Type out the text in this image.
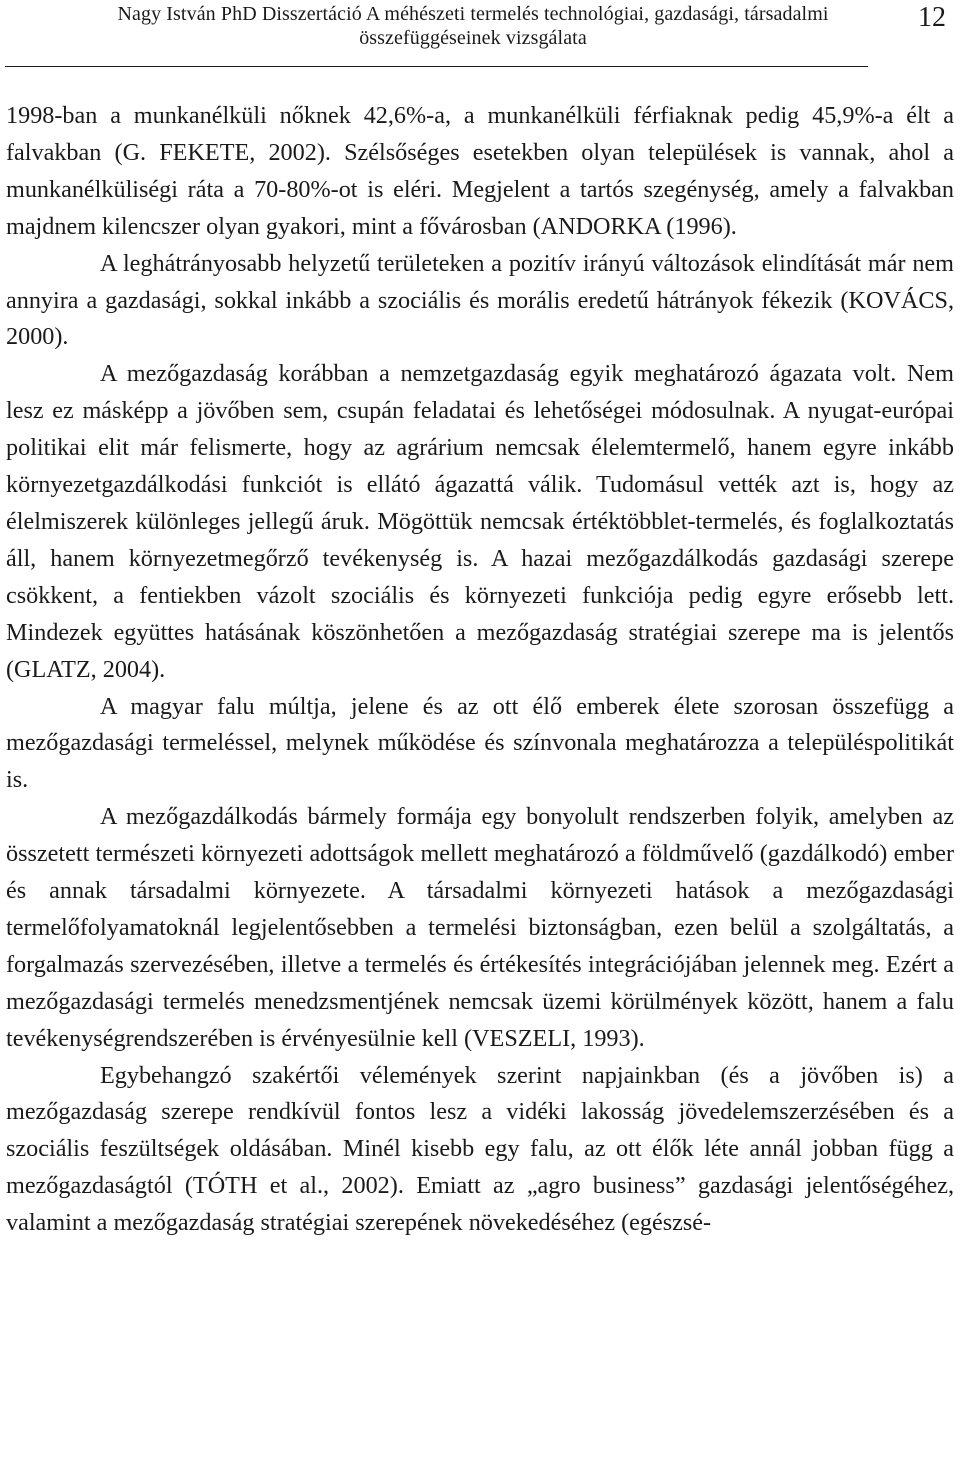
Nagy István PhD Disszertáció A méhészeti termelés technológiai, gazdasági, társadalmi
összefüggéseinek vizsgálata
12

1998-ban a munkanélküli nőknek 42,6%-a, a munkanélküli férfiaknak pedig 45,9%-a élt a falvakban (G. FEKETE, 2002). Szélsőséges esetekben olyan települések is vannak, ahol a munkanélküliségi ráta a 70-80%-ot is eléri. Megjelent a tartós szegénység, amely a falvakban majdnem kilencszer olyan gyakori, mint a fővárosban (ANDORKA (1996).

A leghátrányosabb helyzetű területeken a pozitív irányú változások elindítását már nem annyira a gazdasági, sokkal inkább a szociális és morális eredetű hátrányok fékezik (KOVÁCS, 2000).

A mezőgazdaság korábban a nemzetgazdaság egyik meghatározó ágazata volt. Nem lesz ez másképp a jövőben sem, csupán feladatai és lehetőségei módosulnak. A nyugat-európai politikai elit már felismerte, hogy az agrárium nemcsak élelemtermelő, hanem egyre inkább környezetgazdálkodási funkciót is ellátó ágazattá válik. Tudomásul vették azt is, hogy az élelmiszerek különleges jellegű áruk. Mögöttük nemcsak értéktöbblet-termelés, és foglalkoztatás áll, hanem környezetmegőrző tevékenység is. A hazai mezőgazdálkodás gazdasági szerepe csökkent, a fentiekben vázolt szociális és környezeti funkciója pedig egyre erősebb lett. Mindezek együttes hatásának köszönhetően a mezőgazdaság stratégiai szerepe ma is jelentős (GLATZ, 2004).

A magyar falu múltja, jelene és az ott élő emberek élete szorosan összefügg a mezőgazdasági termeléssel, melynek működése és színvonala meghatározza a településpolitikát is.

A mezőgazdálkodás bármely formája egy bonyolult rendszerben folyik, amelyben az összetett természeti környezeti adottságok mellett meghatározó a földművelő (gazdálkodó) ember és annak társadalmi környezete. A társadalmi környezeti hatások a mezőgazdasági termelőfolyamatoknál legjelentősebben a termelési biztonságban, ezen belül a szolgáltatás, a forgalmazás szervezésében, illetve a termelés és értékesítés integrációjában jelennek meg. Ezért a mezőgazdasági termelés menedzsmentjének nemcsak üzemi körülmények között, hanem a falu tevékenységrendszerében is érvényesülnie kell (VESZELI, 1993).

Egybehangzó szakértői vélemények szerint napjainkban (és a jövőben is) a mezőgazdaság szerepe rendkívül fontos lesz a vidéki lakosság jövedelemszerzésében és a szociális feszültségek oldásában. Minél kisebb egy falu, az ott élők léte annál jobban függ a mezőgazdaságtól (TÓTH et al., 2002). Emiatt az „agro business” gazdasági jelentőségéhez, valamint a mezőgazdaság stratégiai szerepének növekedéséhez (egészsé-
